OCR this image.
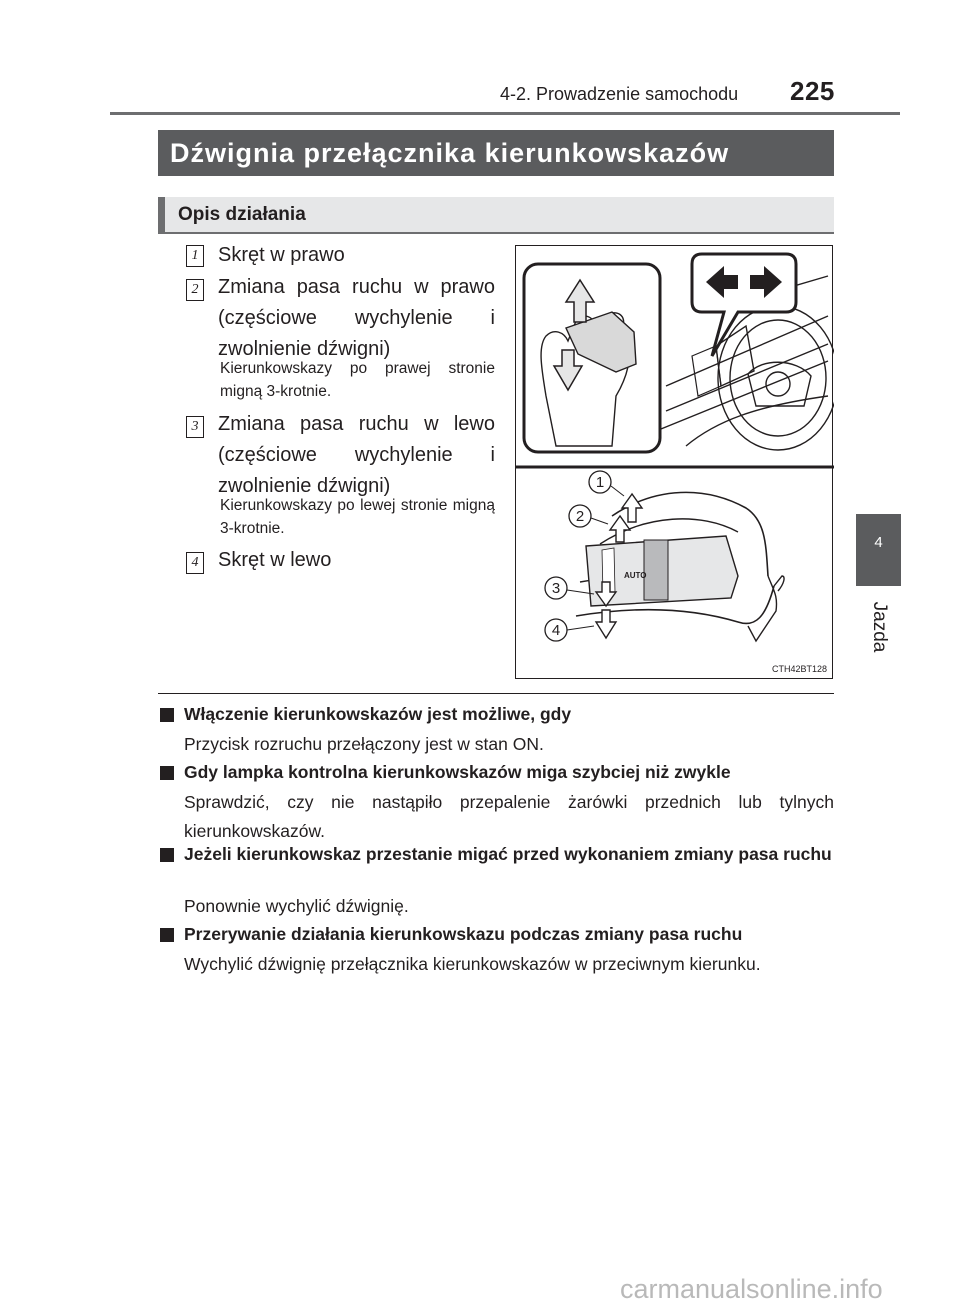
4-2. Prowadzenie samochodu	225
4
Jazda
Dźwignia przełącznika kierunkowskazów
Opis działania
1 Skręt w prawo
2 Zmiana pasa ruchu w prawo (częściowe wychylenie i zwolnienie dźwigni)
Kierunkowskazy po prawej stronie migną 3-krotnie.
3 Zmiana pasa ruchu w lewo (częściowe wychylenie i zwolnienie dźwigni)
Kierunkowskazy po lewej stronie migną 3-krotnie.
4 Skręt w lewo
AUTO
1
2
3
4
CTH42BT128
Włączenie kierunkowskazów jest możliwe, gdy
Przycisk rozruchu przełączony jest w stan ON.
Gdy lampka kontrolna kierunkowskazów miga szybciej niż zwykle
Sprawdzić, czy nie nastąpiło przepalenie żarówki przednich lub tylnych kierunkowskazów.
Jeżeli kierunkowskaz przestanie migać przed wykonaniem zmiany pasa ruchu
Ponownie wychylić dźwignię.
Przerywanie działania kierunkowskazu podczas zmiany pasa ruchu
Wychylić dźwignię przełącznika kierunkowskazów w przeciwnym kierunku.
carmanualsonline.info
